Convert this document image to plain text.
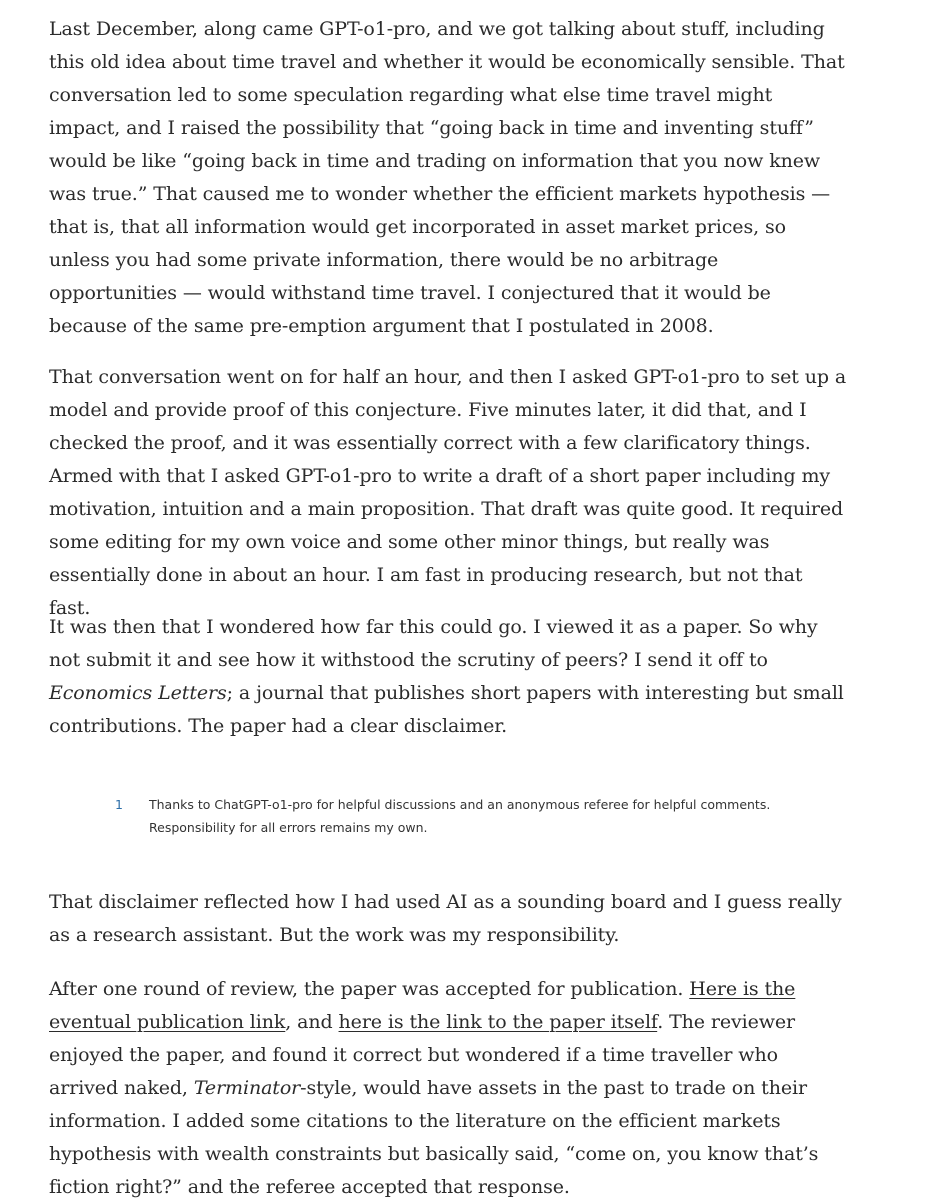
Last December, along came GPT-o1-pro, and we got talking about stuff, including this old idea about time travel and whether it would be economically sensible. That conversation led to some speculation regarding what else time travel might impact, and I raised the possibility that “going back in time and inventing stuff” would be like “going back in time and trading on information that you now knew was true.” That caused me to wonder whether the efficient markets hypothesis — that is, that all information would get incorporated in asset market prices, so unless you had some private information, there would be no arbitrage opportunities — would withstand time travel. I conjectured that it would be because of the same pre-emption argument that I postulated in 2008.

That conversation went on for half an hour, and then I asked GPT-o1-pro to set up a model and provide proof of this conjecture. Five minutes later, it did that, and I checked the proof, and it was essentially correct with a few clarificatory things. Armed with that I asked GPT-o1-pro to write a draft of a short paper including my motivation, intuition and a main proposition. That draft was quite good. It required some editing for my own voice and some other minor things, but really was essentially done in about an hour. I am fast in producing research, but not that fast.

It was then that I wondered how far this could go. I viewed it as a paper. So why not submit it and see how it withstood the scrutiny of peers? I send it off to Economics Letters; a journal that publishes short papers with interesting but small contributions. The paper had a clear disclaimer.

That disclaimer reflected how I had used AI as a sounding board and I guess really as a research assistant. But the work was my responsibility.

After one round of review, the paper was accepted for publication. Here is the eventual publication link, and here is the link to the paper itself. The reviewer enjoyed the paper, and found it correct but wondered if a time traveller who arrived naked, Terminator-style, would have assets in the past to trade on their information. I added some citations to the literature on the efficient markets hypothesis with wealth constraints but basically said, “come on, you know that’s fiction right?” and the referee accepted that response.

1 Thanks to ChatGPT-o1-pro for helpful discussions and an anonymous referee for helpful comments.
Responsibility for all errors remains my own.
